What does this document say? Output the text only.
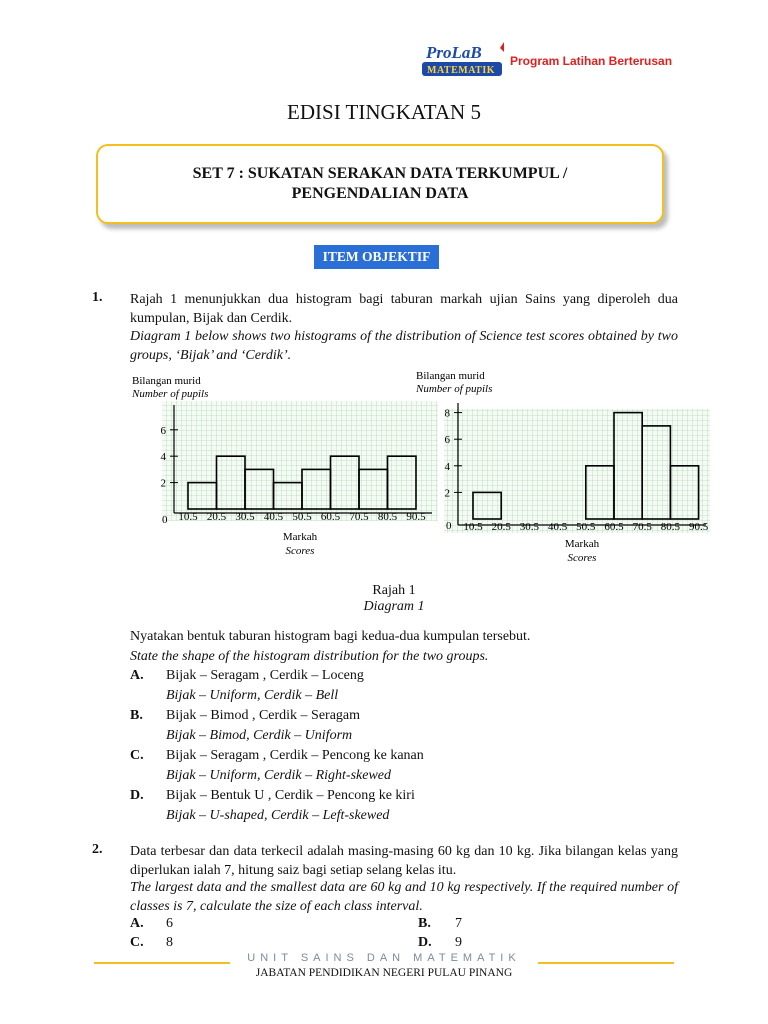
ProLaB
MATEMATIK
Program Latihan Berterusan
EDISI TINGKATAN 5
SET 7 : SUKATAN SERAKAN DATA TERKUMPUL /
PENGENDALIAN DATA
ITEM OBJEKTIF
1. Rajah 1 menunjukkan dua histogram bagi taburan markah ujian Sains yang diperoleh dua kumpulan, Bijak dan Cerdik.
Diagram 1 below shows two histograms of the distribution of Science test scores obtained by two groups, ‘Bijak’ and ‘Cerdik’.
Bilangan murid
Number of pupils
2
4
6
10.5 20.5 30.5 40.5 50.5 60.5 70.5 80.5 90.5
0
Markah
Scores
Bilangan murid
Number of pupils
2
4
6
8
10.5 20.5 30.5 40.5 50.5 60.5 70.5 80.5 90.5
0
Markah
Scores
Rajah 1
Diagram 1
Nyatakan bentuk taburan histogram bagi kedua-dua kumpulan tersebut.
State the shape of the histogram distribution for the two groups.
A. Bijak – Seragam , Cerdik – Loceng
Bijak – Uniform, Cerdik – Bell
B. Bijak – Bimod , Cerdik – Seragam
Bijak – Bimod, Cerdik – Uniform
C. Bijak – Seragam , Cerdik – Pencong ke kanan
Bijak – Uniform, Cerdik – Right-skewed
D. Bijak – Bentuk U , Cerdik – Pencong ke kiri
Bijak – U-shaped, Cerdik – Left-skewed
2. Data terbesar dan data terkecil adalah masing-masing 60 kg dan 10 kg. Jika bilangan kelas yang diperlukan ialah 7, hitung saiz bagi setiap selang kelas itu.
The largest data and the smallest data are 60 kg and 10 kg respectively. If the required number of classes is 7, calculate the size of each class interval.
A. 6	B. 7
C. 8	D. 9
UNIT SAINS DAN MATEMATIK
JABATAN PENDIDIKAN NEGERI PULAU PINANG
